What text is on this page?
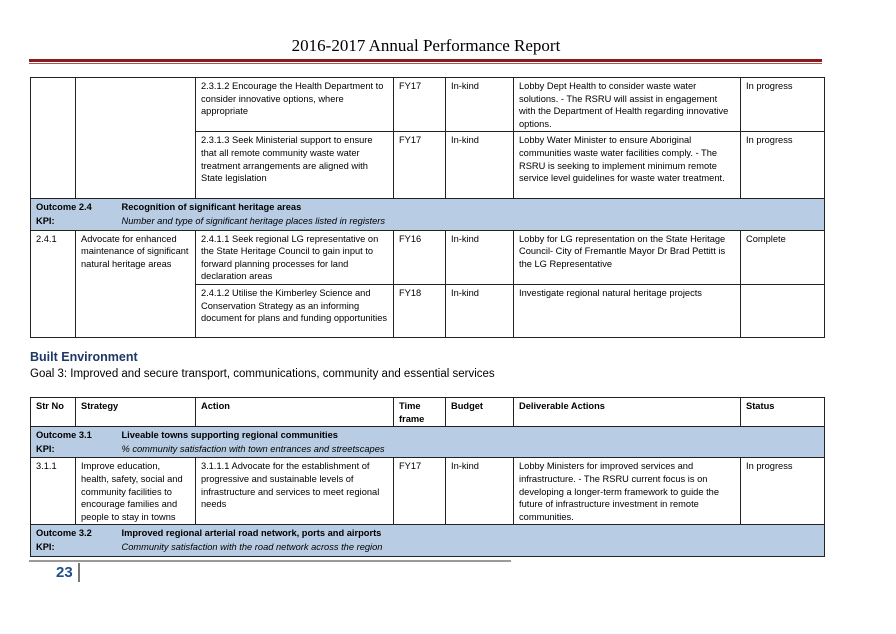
2016-2017 Annual Performance Report
		2.3.1.2 Encourage the Health Department to consider innovative options, where appropriate	FY17	In-kind	Lobby Dept Health to consider waste water solutions. - The RSRU will assist in engagement with the Department of Health regarding innovative options.	In progress
		2.3.1.3 Seek Ministerial support to ensure that all remote community waste water treatment arrangements are aligned with State legislation	FY17	In-kind	Lobby Water Minister to ensure Aboriginal communities waste water facilities comply. - The RSRU is seeking to implement minimum remote service level guidelines for waste water treatment.	In progress
Outcome 2.4		Recognition of significant heritage areas				
KPI:		Number and type of significant heritage places listed in registers				
2.4.1	Advocate for enhanced maintenance of significant natural heritage areas	2.4.1.1 Seek regional LG representative on the State Heritage Council to gain input to forward planning processes for land declaration areas	FY16	In-kind	Lobby for LG representation on the State Heritage Council- City of Fremantle Mayor Dr Brad Pettitt is the LG Representative	Complete
		2.4.1.2 Utilise the Kimberley Science and Conservation Strategy as an informing document for plans and funding opportunities	FY18	In-kind	Investigate regional natural heritage projects	
Built Environment
Goal 3: Improved and secure transport, communications, community and essential services
Str No	Strategy	Action	Time frame	Budget	Deliverable Actions	Status
Outcome 3.1		Liveable towns supporting regional communities				
KPI:		% community satisfaction with town entrances and streetscapes				
3.1.1	Improve education, health, safety, social and community facilities to encourage families and people to stay in towns	3.1.1.1 Advocate for the establishment of progressive and sustainable levels of infrastructure and services to meet regional needs	FY17	In-kind	Lobby Ministers for improved services and infrastructure. - The RSRU current focus is on developing a longer-term framework to guide the future of infrastructure investment in remote communities.	In progress
Outcome 3.2		Improved regional arterial road network, ports and airports				
KPI:		Community satisfaction with the road network across the region				
23
